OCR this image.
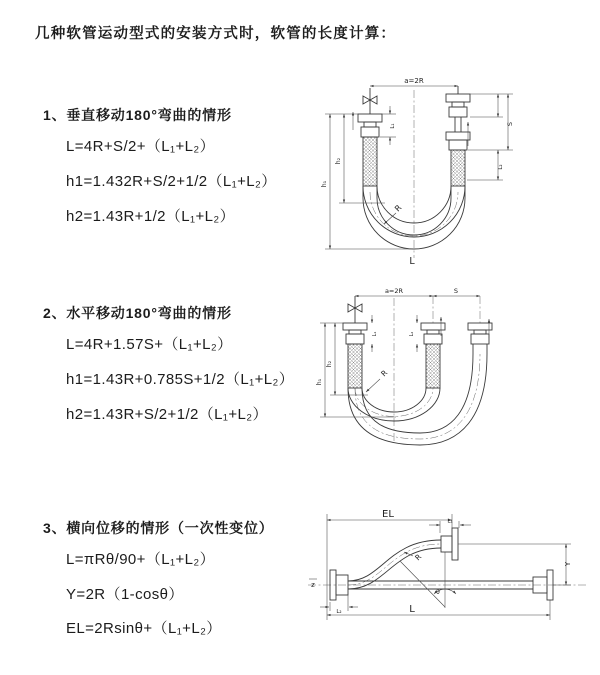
几种软管运动型式的安装方式时，软管的长度计算：
1、垂直移动180°弯曲的情形
L=4R+S/2+（L₁+L₂）
h1=1.432R+S/2+1/2（L₁+L₂）
h2=1.43R+1/2（L₁+L₂）
a=2R
S
L₂
h₁
h₂
L₁
R
L
2、水平移动180°弯曲的情形
L=4R+1.57S+（L₁+L₂）
h1=1.43R+0.785S+1/2（L₁+L₂）
h2=1.43R+S/2+1/2（L₁+L₂）
a=2R	S
h₁
h₂
L₁	L₂
R
3、横向位移的情形（一次性变位）
L=πRθ/90+（L₁+L₂）
Y=2R（1-cosθ）
EL=2Rsinθ+（L₁+L₂）
EL
L₁
Y
L
L₂
R
θ
z
